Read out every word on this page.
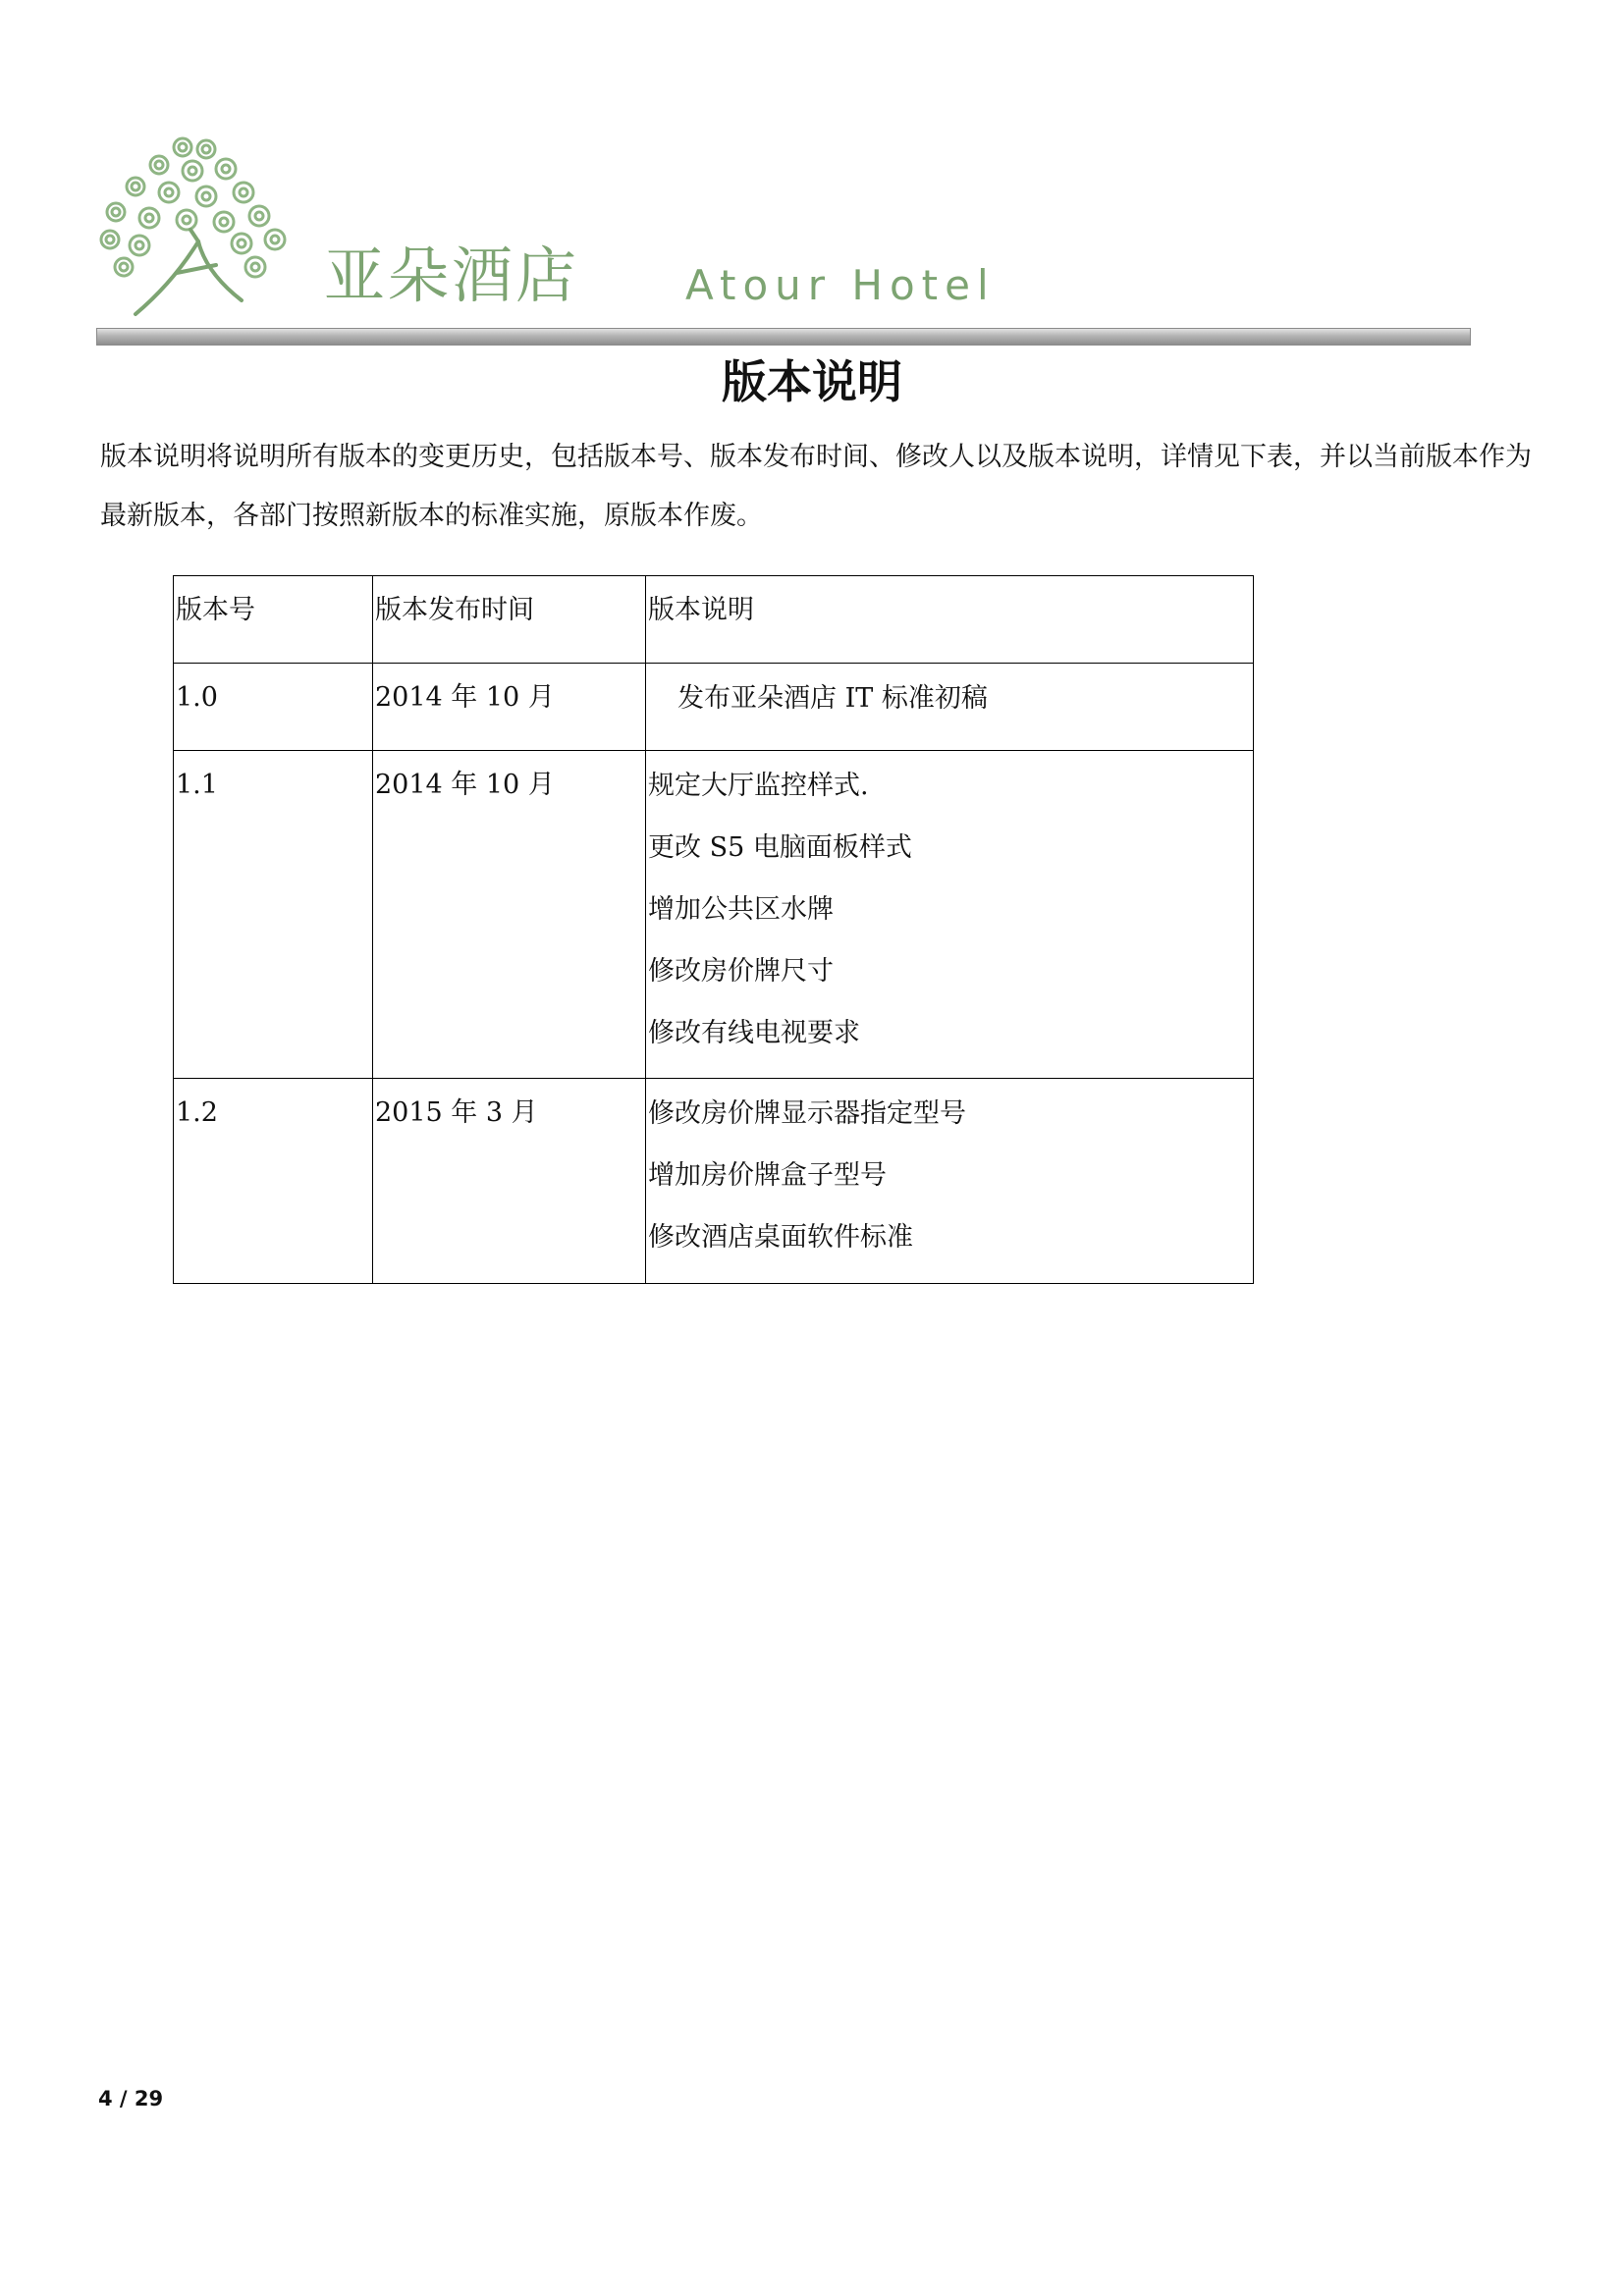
亚朵酒店	Atour Hotel
版本说明

版本说明将说明所有版本的变更历史，包括版本号、版本发布时间、修改人以及版本说明，详情见下表，并以当前版本作为最新版本，各部门按照新版本的标准实施，原版本作废。

版本号	版本发布时间	版本说明
1.0	2014 年 10 月	发布亚朵酒店 IT 标准初稿

1.1	2014 年 10 月	规定大厅监控样式.
更改 S5 电脑面板样式
增加公共区水牌
修改房价牌尺寸
修改有线电视要求

1.2	2015 年 3 月	修改房价牌显示器指定型号
增加房价牌盒子型号
修改酒店桌面软件标准
4 / 29
